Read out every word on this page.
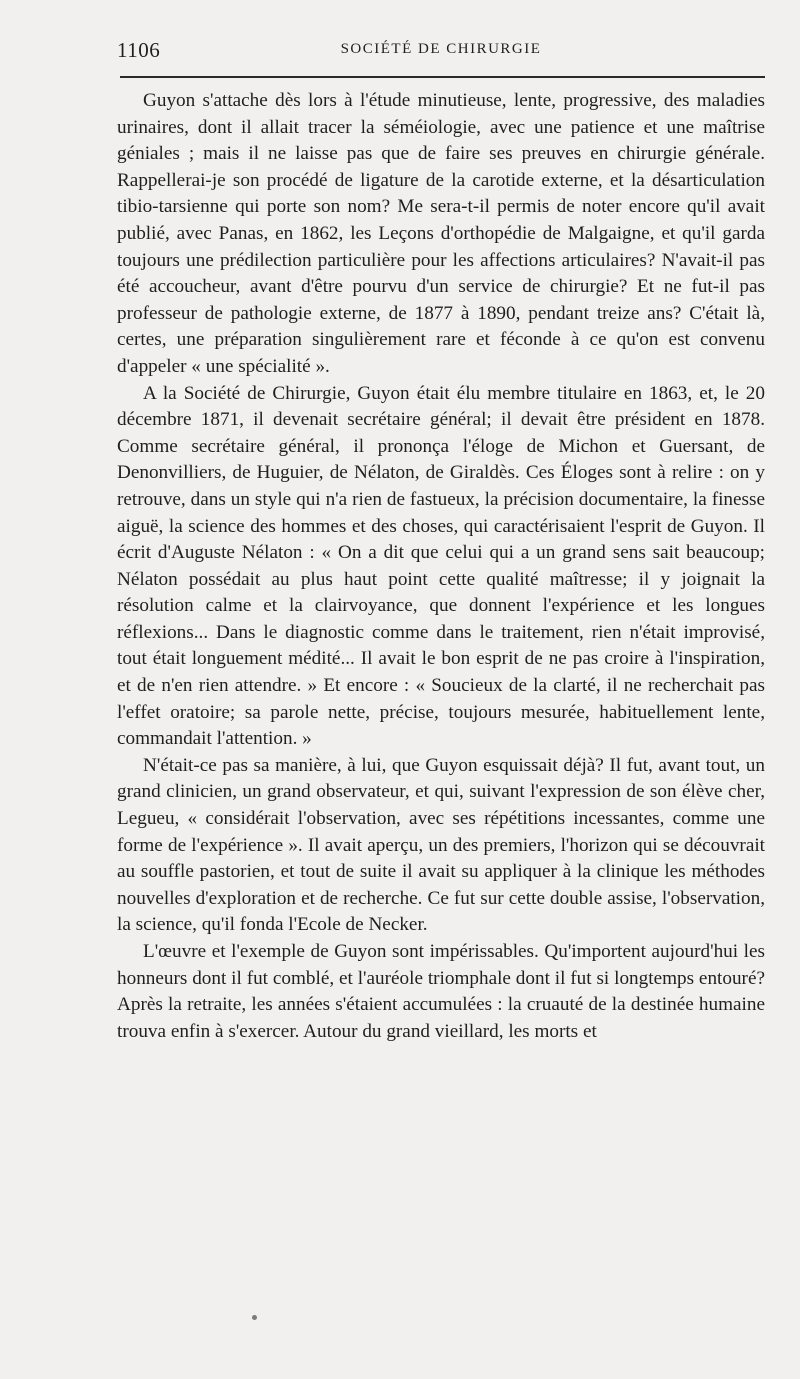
1106	SOCIÉTÉ DE CHIRURGIE

Guyon s'attache dès lors à l'étude minutieuse, lente, progressive, des maladies urinaires, dont il allait tracer la séméiologie, avec une patience et une maîtrise géniales ; mais il ne laisse pas que de faire ses preuves en chirurgie générale. Rappellerai-je son procédé de ligature de la carotide externe, et la désarticulation tibio-tarsienne qui porte son nom? Me sera-t-il permis de noter encore qu'il avait publié, avec Panas, en 1862, les Leçons d'orthopédie de Malgaigne, et qu'il garda toujours une prédilection particulière pour les affections articulaires? N'avait-il pas été accoucheur, avant d'être pourvu d'un service de chirurgie? Et ne fut-il pas professeur de pathologie externe, de 1877 à 1890, pendant treize ans? C'était là, certes, une préparation singulièrement rare et féconde à ce qu'on est convenu d'appeler « une spécialité ».

A la Société de Chirurgie, Guyon était élu membre titulaire en 1863, et, le 20 décembre 1871, il devenait secrétaire général; il devait être président en 1878. Comme secrétaire général, il prononça l'éloge de Michon et Guersant, de Denonvilliers, de Huguier, de Nélaton, de Giraldès. Ces Éloges sont à relire : on y retrouve, dans un style qui n'a rien de fastueux, la précision documentaire, la finesse aiguë, la science des hommes et des choses, qui caractérisaient l'esprit de Guyon. Il écrit d'Auguste Nélaton : « On a dit que celui qui a un grand sens sait beaucoup; Nélaton possédait au plus haut point cette qualité maîtresse; il y joignait la résolution calme et la clairvoyance, que donnent l'expérience et les longues réflexions... Dans le diagnostic comme dans le traitement, rien n'était improvisé, tout était longuement médité... Il avait le bon esprit de ne pas croire à l'inspiration, et de n'en rien attendre. » Et encore : « Soucieux de la clarté, il ne recherchait pas l'effet oratoire; sa parole nette, précise, toujours mesurée, habituellement lente, commandait l'attention. »

N'était-ce pas sa manière, à lui, que Guyon esquissait déjà? Il fut, avant tout, un grand clinicien, un grand observateur, et qui, suivant l'expression de son élève cher, Legueu, « considérait l'observation, avec ses répétitions incessantes, comme une forme de l'expérience ». Il avait aperçu, un des premiers, l'horizon qui se découvrait au souffle pastorien, et tout de suite il avait su appliquer à la clinique les méthodes nouvelles d'exploration et de recherche. Ce fut sur cette double assise, l'observation, la science, qu'il fonda l'Ecole de Necker.

L'œuvre et l'exemple de Guyon sont impérissables. Qu'importent aujourd'hui les honneurs dont il fut comblé, et l'auréole triomphale dont il fut si longtemps entouré? Après la retraite, les années s'étaient accumulées : la cruauté de la destinée humaine trouva enfin à s'exercer. Autour du grand vieillard, les morts et
